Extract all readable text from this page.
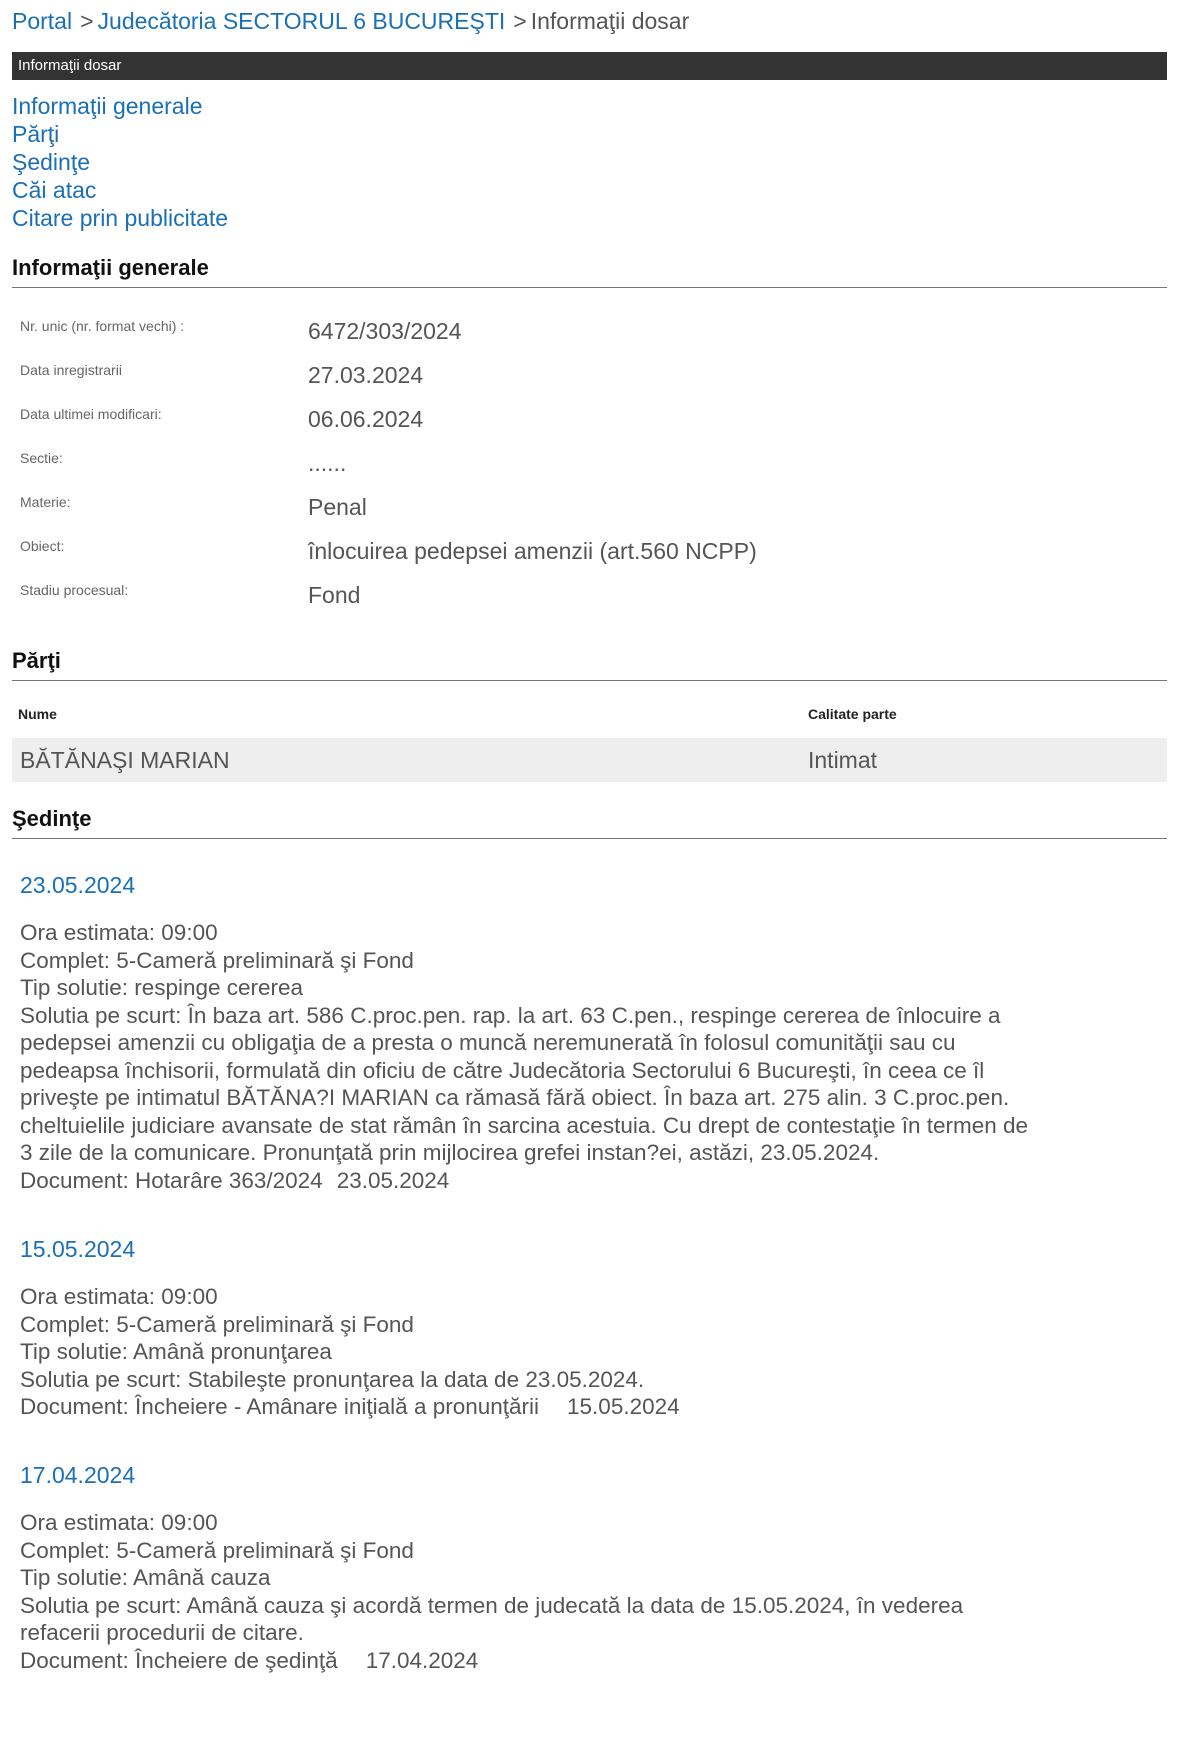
Portal > Judecătoria SECTORUL 6 BUCUREŞTI > Informaţii dosar
Informaţii dosar
Informaţii generale
Părţi
Şedinţe
Căi atac
Citare prin publicitate
Informaţii generale
Nr. unic (nr. format vechi) :	6472/303/2024
Data inregistrarii	27.03.2024
Data ultimei modificari:	06.06.2024
Sectie:	......
Materie:	Penal
Obiect:	înlocuirea pedepsei amenzii (art.560 NCPP)
Stadiu procesual:	Fond
Părţi
Nume	Calitate parte
BĂTĂNAŞI MARIAN	Intimat
Şedinţe
23.05.2024
Ora estimata: 09:00
Complet: 5-Cameră preliminară şi Fond
Tip solutie: respinge cererea
Solutia pe scurt: În baza art. 586 C.proc.pen. rap. la art. 63 C.pen., respinge cererea de înlocuire a
pedepsei amenzii cu obligaţia de a presta o muncă neremunerată în folosul comunităţii sau cu
pedeapsa închisorii, formulată din oficiu de către Judecătoria Sectorului 6 Bucureşti, în ceea ce îl
priveşte pe intimatul BĂTĂNA?I MARIAN ca rămasă fără obiect. În baza art. 275 alin. 3 C.proc.pen.
cheltuielile judiciare avansate de stat rămân în sarcina acestuia. Cu drept de contestaţie în termen de
3 zile de la comunicare. Pronunţată prin mijlocirea grefei instan?ei, astăzi, 23.05.2024.
Document: Hotarâre 363/2024 23.05.2024
15.05.2024
Ora estimata: 09:00
Complet: 5-Cameră preliminară şi Fond
Tip solutie: Amână pronunţarea
Solutia pe scurt: Stabileşte pronunţarea la data de 23.05.2024.
Document: Încheiere - Amânare iniţială a pronunţării 15.05.2024
17.04.2024
Ora estimata: 09:00
Complet: 5-Cameră preliminară şi Fond
Tip solutie: Amână cauza
Solutia pe scurt: Amână cauza şi acordă termen de judecată la data de 15.05.2024, în vederea
refacerii procedurii de citare.
Document: Încheiere de şedinţă 17.04.2024
